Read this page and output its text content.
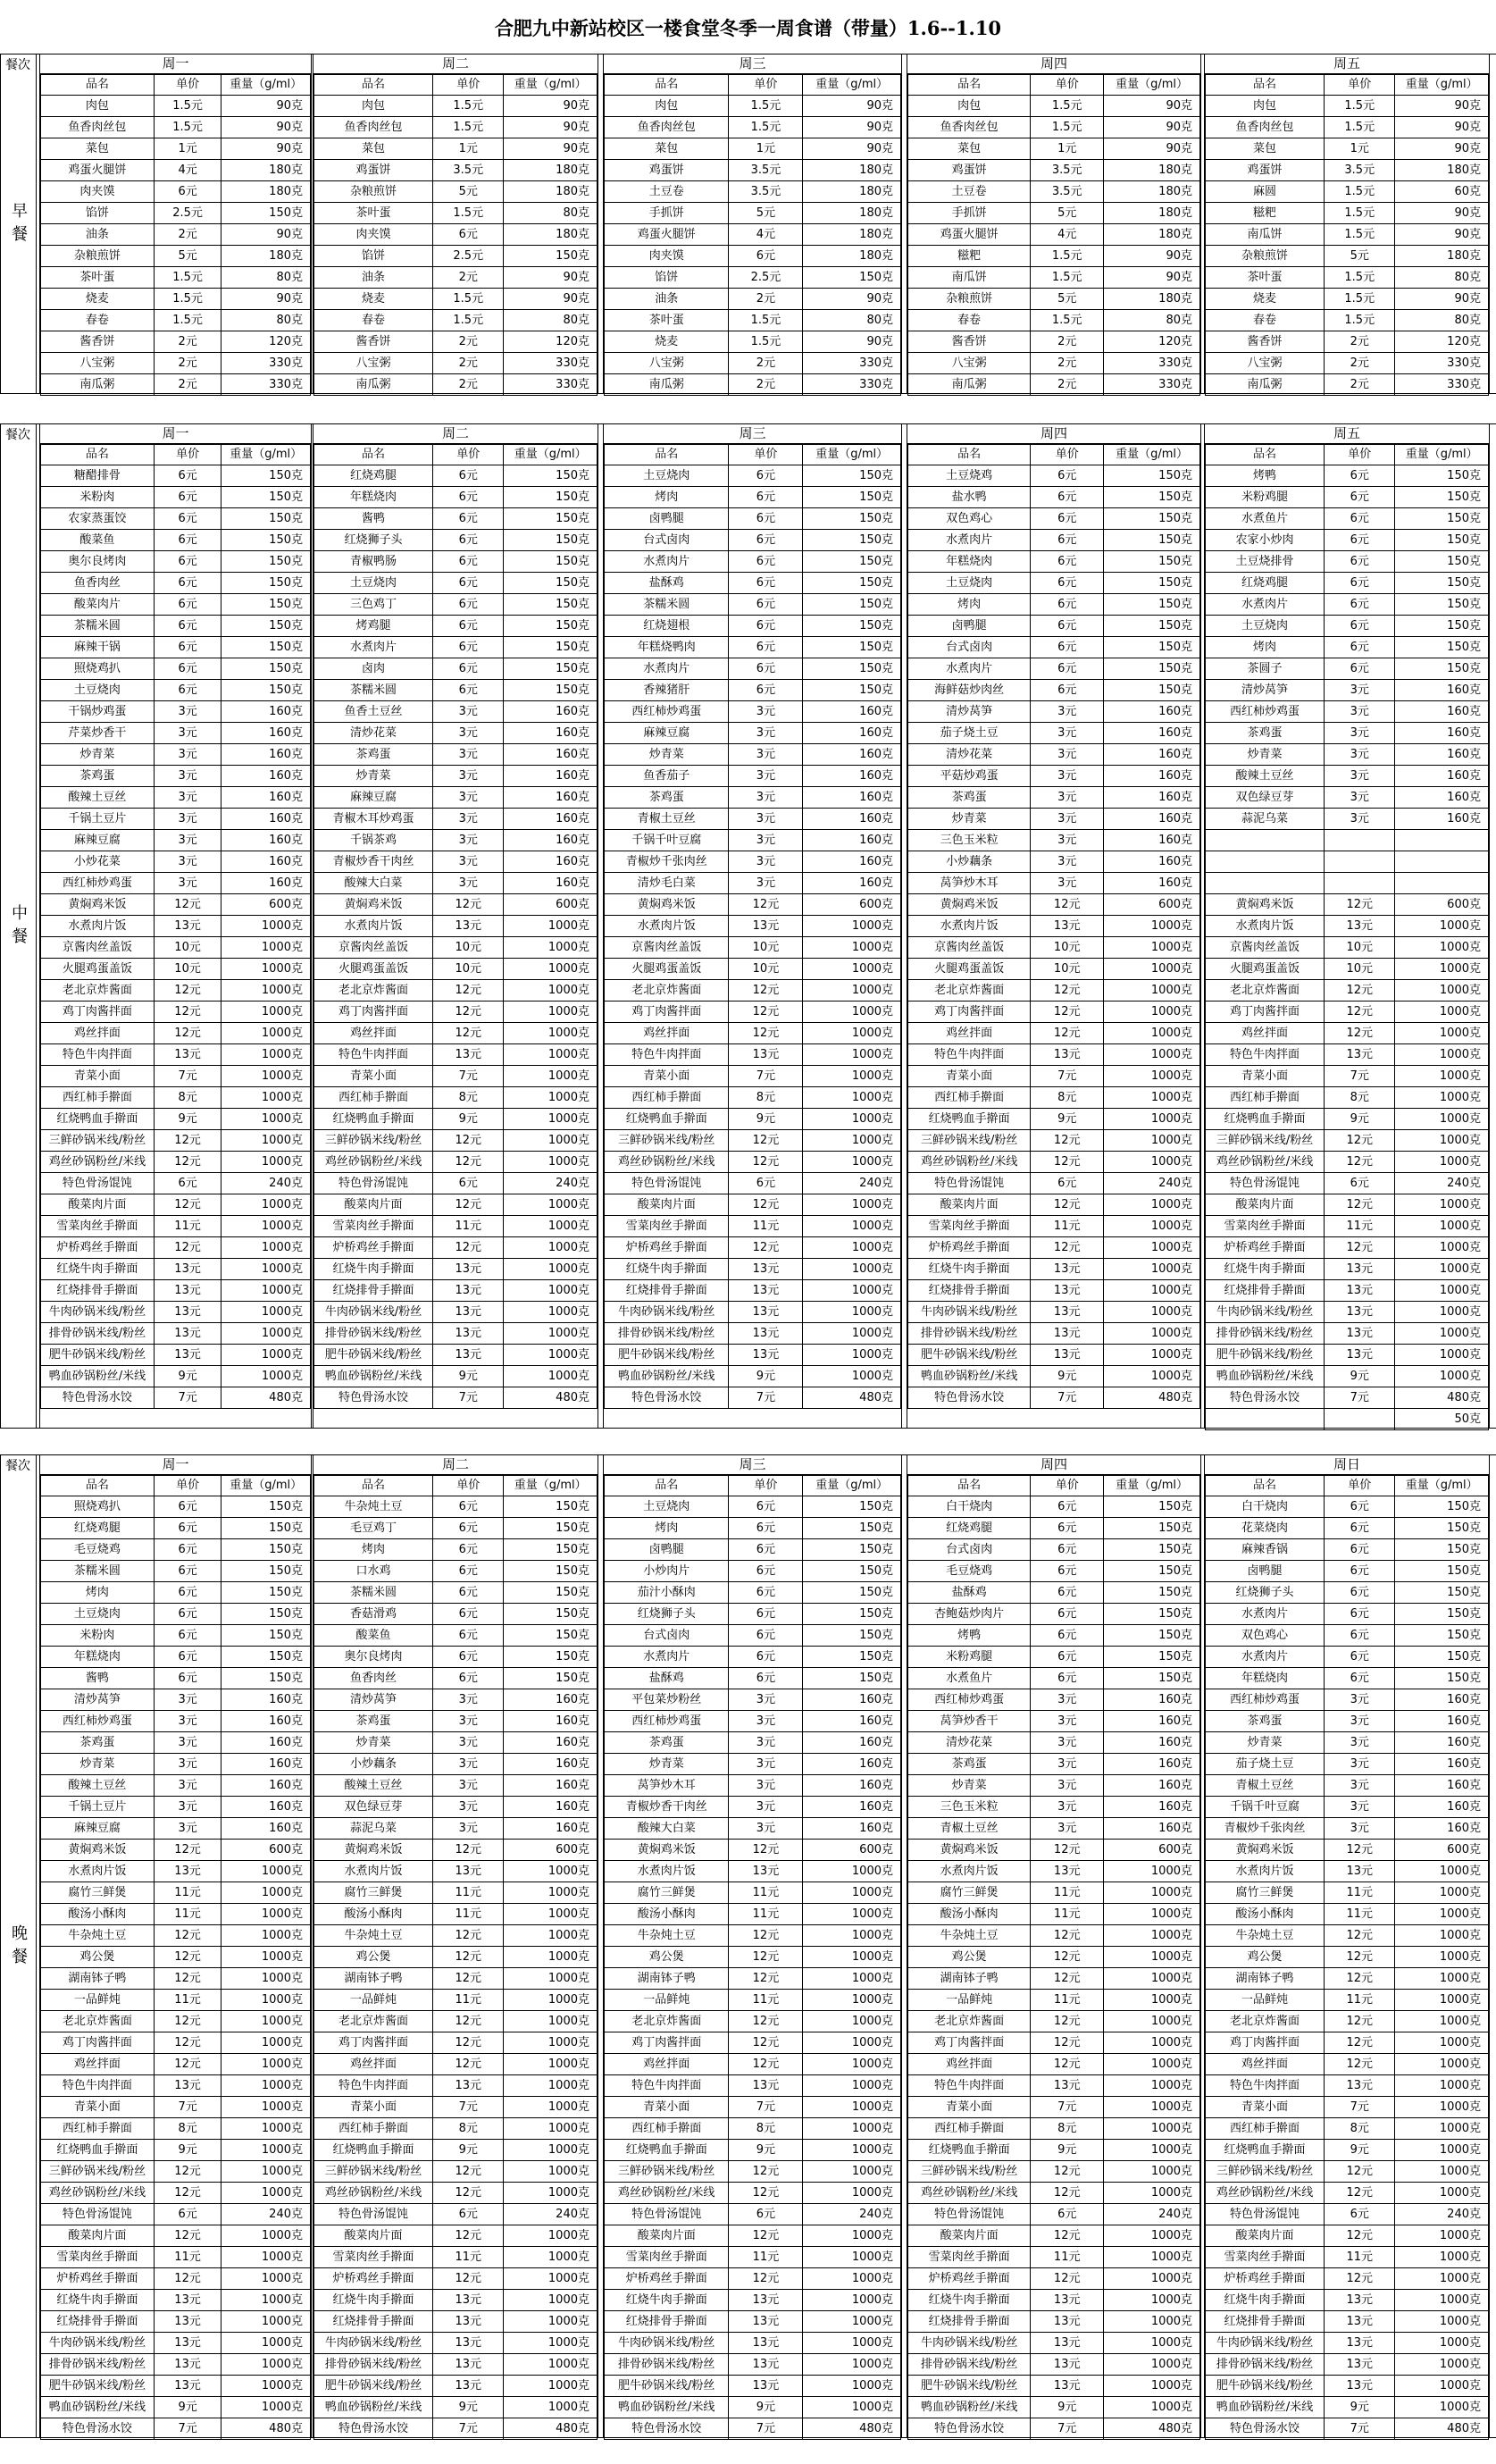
合肥九中新站校区一楼食堂冬季一周食谱（带量）1.6--1.10
餐次
早餐
周一
品名	单价	重量（g/ml）
肉包	1.5元	90克
鱼香肉丝包	1.5元	90克
菜包	1元	90克
鸡蛋火腿饼	4元	180克
肉夹馍	6元	180克
馅饼	2.5元	150克
油条	2元	90克
杂粮煎饼	5元	180克
茶叶蛋	1.5元	80克
烧麦	1.5元	90克
春卷	1.5元	80克
酱香饼	2元	120克
八宝粥	2元	330克
南瓜粥	2元	330克
周二
品名	单价	重量（g/ml）
肉包	1.5元	90克
鱼香肉丝包	1.5元	90克
菜包	1元	90克
鸡蛋饼	3.5元	180克
杂粮煎饼	5元	180克
茶叶蛋	1.5元	80克
肉夹馍	6元	180克
馅饼	2.5元	150克
油条	2元	90克
烧麦	1.5元	90克
春卷	1.5元	80克
酱香饼	2元	120克
八宝粥	2元	330克
南瓜粥	2元	330克
周三
品名	单价	重量（g/ml）
肉包	1.5元	90克
鱼香肉丝包	1.5元	90克
菜包	1元	90克
鸡蛋饼	3.5元	180克
土豆卷	3.5元	180克
手抓饼	5元	180克
鸡蛋火腿饼	4元	180克
肉夹馍	6元	180克
馅饼	2.5元	150克
油条	2元	90克
茶叶蛋	1.5元	80克
烧麦	1.5元	90克
八宝粥	2元	330克
南瓜粥	2元	330克
周四
品名	单价	重量（g/ml）
肉包	1.5元	90克
鱼香肉丝包	1.5元	90克
菜包	1元	90克
鸡蛋饼	3.5元	180克
土豆卷	3.5元	180克
手抓饼	5元	180克
鸡蛋火腿饼	4元	180克
糍粑	1.5元	90克
南瓜饼	1.5元	90克
杂粮煎饼	5元	180克
春卷	1.5元	80克
酱香饼	2元	120克
八宝粥	2元	330克
南瓜粥	2元	330克
周五
品名	单价	重量（g/ml）
肉包	1.5元	90克
鱼香肉丝包	1.5元	90克
菜包	1元	90克
鸡蛋饼	3.5元	180克
麻圆	1.5元	60克
糍粑	1.5元	90克
南瓜饼	1.5元	90克
杂粮煎饼	5元	180克
茶叶蛋	1.5元	80克
烧麦	1.5元	90克
春卷	1.5元	80克
酱香饼	2元	120克
八宝粥	2元	330克
南瓜粥	2元	330克
餐次
中餐
周一
品名	单价	重量（g/ml）
糖醋排骨	6元	150克
米粉肉	6元	150克
农家蒸蛋饺	6元	150克
酸菜鱼	6元	150克
奥尔良烤肉	6元	150克
鱼香肉丝	6元	150克
酸菜肉片	6元	150克
茶糯米圆	6元	150克
麻辣干锅	6元	150克
照烧鸡扒	6元	150克
土豆烧肉	6元	150克
干锅炒鸡蛋	3元	160克
芹菜炒香干	3元	160克
炒青菜	3元	160克
茶鸡蛋	3元	160克
酸辣土豆丝	3元	160克
千锅土豆片	3元	160克
麻辣豆腐	3元	160克
小炒花菜	3元	160克
西红柿炒鸡蛋	3元	160克
黄焖鸡米饭	12元	600克
水煮肉片饭	13元	1000克
京酱肉丝盖饭	10元	1000克
火腿鸡蛋盖饭	10元	1000克
老北京炸酱面	12元	1000克
鸡丁肉酱拌面	12元	1000克
鸡丝拌面	12元	1000克
特色牛肉拌面	13元	1000克
青菜小面	7元	1000克
西红柿手擀面	8元	1000克
红烧鸭血手擀面	9元	1000克
三鲜砂锅米线/粉丝	12元	1000克
鸡丝砂锅粉丝/米线	12元	1000克
特色骨汤馄饨	6元	240克
酸菜肉片面	12元	1000克
雪菜肉丝手擀面	11元	1000克
炉桥鸡丝手擀面	12元	1000克
红烧牛肉手擀面	13元	1000克
红烧排骨手擀面	13元	1000克
牛肉砂锅米线/粉丝	13元	1000克
排骨砂锅米线/粉丝	13元	1000克
肥牛砂锅米线/粉丝	13元	1000克
鸭血砂锅粉丝/米线	9元	1000克
特色骨汤水饺	7元	480克
周二
品名	单价	重量（g/ml）
红烧鸡腿	6元	150克
年糕烧肉	6元	150克
酱鸭	6元	150克
红烧狮子头	6元	150克
青椒鸭肠	6元	150克
土豆烧肉	6元	150克
三色鸡丁	6元	150克
烤鸡腿	6元	150克
水煮肉片	6元	150克
卤肉	6元	150克
茶糯米圆	6元	150克
鱼香土豆丝	3元	160克
清炒花菜	3元	160克
茶鸡蛋	3元	160克
炒青菜	3元	160克
麻辣豆腐	3元	160克
青椒木耳炒鸡蛋	3元	160克
千锅茶鸡	3元	160克
青椒炒香干肉丝	3元	160克
酸辣大白菜	3元	160克
黄焖鸡米饭	12元	600克
水煮肉片饭	13元	1000克
京酱肉丝盖饭	10元	1000克
火腿鸡蛋盖饭	10元	1000克
老北京炸酱面	12元	1000克
鸡丁肉酱拌面	12元	1000克
鸡丝拌面	12元	1000克
特色牛肉拌面	13元	1000克
青菜小面	7元	1000克
西红柿手擀面	8元	1000克
红烧鸭血手擀面	9元	1000克
三鲜砂锅米线/粉丝	12元	1000克
鸡丝砂锅粉丝/米线	12元	1000克
特色骨汤馄饨	6元	240克
酸菜肉片面	12元	1000克
雪菜肉丝手擀面	11元	1000克
炉桥鸡丝手擀面	12元	1000克
红烧牛肉手擀面	13元	1000克
红烧排骨手擀面	13元	1000克
牛肉砂锅米线/粉丝	13元	1000克
排骨砂锅米线/粉丝	13元	1000克
肥牛砂锅米线/粉丝	13元	1000克
鸭血砂锅粉丝/米线	9元	1000克
特色骨汤水饺	7元	480克
周三
品名	单价	重量（g/ml）
土豆烧肉	6元	150克
烤肉	6元	150克
卤鸭腿	6元	150克
台式卤肉	6元	150克
水煮肉片	6元	150克
盐酥鸡	6元	150克
茶糯米圆	6元	150克
红烧翅根	6元	150克
年糕烧鸭肉	6元	150克
水煮肉片	6元	150克
香辣猪肝	6元	150克
西红柿炒鸡蛋	3元	160克
麻辣豆腐	3元	160克
炒青菜	3元	160克
鱼香茄子	3元	160克
茶鸡蛋	3元	160克
青椒土豆丝	3元	160克
千锅千叶豆腐	3元	160克
青椒炒千张肉丝	3元	160克
清炒毛白菜	3元	160克
黄焖鸡米饭	12元	600克
水煮肉片饭	13元	1000克
京酱肉丝盖饭	10元	1000克
火腿鸡蛋盖饭	10元	1000克
老北京炸酱面	12元	1000克
鸡丁肉酱拌面	12元	1000克
鸡丝拌面	12元	1000克
特色牛肉拌面	13元	1000克
青菜小面	7元	1000克
西红柿手擀面	8元	1000克
红烧鸭血手擀面	9元	1000克
三鲜砂锅米线/粉丝	12元	1000克
鸡丝砂锅粉丝/米线	12元	1000克
特色骨汤馄饨	6元	240克
酸菜肉片面	12元	1000克
雪菜肉丝手擀面	11元	1000克
炉桥鸡丝手擀面	12元	1000克
红烧牛肉手擀面	13元	1000克
红烧排骨手擀面	13元	1000克
牛肉砂锅米线/粉丝	13元	1000克
排骨砂锅米线/粉丝	13元	1000克
肥牛砂锅米线/粉丝	13元	1000克
鸭血砂锅粉丝/米线	9元	1000克
特色骨汤水饺	7元	480克
周四
品名	单价	重量（g/ml）
土豆烧鸡	6元	150克
盐水鸭	6元	150克
双色鸡心	6元	150克
水煮肉片	6元	150克
年糕烧肉	6元	150克
土豆烧肉	6元	150克
烤肉	6元	150克
卤鸭腿	6元	150克
台式卤肉	6元	150克
水煮肉片	6元	150克
海鲜菇炒肉丝	6元	150克
清炒莴笋	3元	160克
茄子烧土豆	3元	160克
清炒花菜	3元	160克
平菇炒鸡蛋	3元	160克
茶鸡蛋	3元	160克
炒青菜	3元	160克
三色玉米粒	3元	160克
小炒藕条	3元	160克
莴笋炒木耳	3元	160克
黄焖鸡米饭	12元	600克
水煮肉片饭	13元	1000克
京酱肉丝盖饭	10元	1000克
火腿鸡蛋盖饭	10元	1000克
老北京炸酱面	12元	1000克
鸡丁肉酱拌面	12元	1000克
鸡丝拌面	12元	1000克
特色牛肉拌面	13元	1000克
青菜小面	7元	1000克
西红柿手擀面	8元	1000克
红烧鸭血手擀面	9元	1000克
三鲜砂锅米线/粉丝	12元	1000克
鸡丝砂锅粉丝/米线	12元	1000克
特色骨汤馄饨	6元	240克
酸菜肉片面	12元	1000克
雪菜肉丝手擀面	11元	1000克
炉桥鸡丝手擀面	12元	1000克
红烧牛肉手擀面	13元	1000克
红烧排骨手擀面	13元	1000克
牛肉砂锅米线/粉丝	13元	1000克
排骨砂锅米线/粉丝	13元	1000克
肥牛砂锅米线/粉丝	13元	1000克
鸭血砂锅粉丝/米线	9元	1000克
特色骨汤水饺	7元	480克
周五
品名	单价	重量（g/ml）
烤鸭	6元	150克
米粉鸡腿	6元	150克
水煮鱼片	6元	150克
农家小炒肉	6元	150克
土豆烧排骨	6元	150克
红烧鸡腿	6元	150克
水煮肉片	6元	150克
土豆烧肉	6元	150克
烤肉	6元	150克
茶圆子	6元	150克
清炒莴笋	3元	160克
西红柿炒鸡蛋	3元	160克
茶鸡蛋	3元	160克
炒青菜	3元	160克
酸辣土豆丝	3元	160克
双色绿豆芽	3元	160克
蒜泥乌菜	3元	160克

黄焖鸡米饭	12元	600克
水煮肉片饭	13元	1000克
京酱肉丝盖饭	10元	1000克
火腿鸡蛋盖饭	10元	1000克
老北京炸酱面	12元	1000克
鸡丁肉酱拌面	12元	1000克
鸡丝拌面	12元	1000克
特色牛肉拌面	13元	1000克
青菜小面	7元	1000克
西红柿手擀面	8元	1000克
红烧鸭血手擀面	9元	1000克
三鲜砂锅米线/粉丝	12元	1000克
鸡丝砂锅粉丝/米线	12元	1000克
特色骨汤馄饨	6元	240克
酸菜肉片面	12元	1000克
雪菜肉丝手擀面	11元	1000克
炉桥鸡丝手擀面	12元	1000克
红烧牛肉手擀面	13元	1000克
红烧排骨手擀面	13元	1000克
牛肉砂锅米线/粉丝	13元	1000克
排骨砂锅米线/粉丝	13元	1000克
肥牛砂锅米线/粉丝	13元	1000克
鸭血砂锅粉丝/米线	9元	1000克
特色骨汤水饺	7元	480克
		50克
餐次
晚餐
周一
品名	单价	重量（g/ml）
照烧鸡扒	6元	150克
红烧鸡腿	6元	150克
毛豆烧鸡	6元	150克
茶糯米圆	6元	150克
烤肉	6元	150克
土豆烧肉	6元	150克
米粉肉	6元	150克
年糕烧肉	6元	150克
酱鸭	6元	150克
清炒莴笋	3元	160克
西红柿炒鸡蛋	3元	160克
茶鸡蛋	3元	160克
炒青菜	3元	160克
酸辣土豆丝	3元	160克
千锅土豆片	3元	160克
麻辣豆腐	3元	160克
黄焖鸡米饭	12元	600克
水煮肉片饭	13元	1000克
腐竹三鲜煲	11元	1000克
酸汤小酥肉	11元	1000克
牛杂炖土豆	12元	1000克
鸡公煲	12元	1000克
湖南钵子鸭	12元	1000克
一品鲜炖	11元	1000克
老北京炸酱面	12元	1000克
鸡丁肉酱拌面	12元	1000克
鸡丝拌面	12元	1000克
特色牛肉拌面	13元	1000克
青菜小面	7元	1000克
西红柿手擀面	8元	1000克
红烧鸭血手擀面	9元	1000克
三鲜砂锅米线/粉丝	12元	1000克
鸡丝砂锅粉丝/米线	12元	1000克
特色骨汤馄饨	6元	240克
酸菜肉片面	12元	1000克
雪菜肉丝手擀面	11元	1000克
炉桥鸡丝手擀面	12元	1000克
红烧牛肉手擀面	13元	1000克
红烧排骨手擀面	13元	1000克
牛肉砂锅米线/粉丝	13元	1000克
排骨砂锅米线/粉丝	13元	1000克
肥牛砂锅米线/粉丝	13元	1000克
鸭血砂锅粉丝/米线	9元	1000克
特色骨汤水饺	7元	480克
周二
品名	单价	重量（g/ml）
牛杂炖土豆	6元	150克
毛豆鸡丁	6元	150克
烤肉	6元	150克
口水鸡	6元	150克
茶糯米圆	6元	150克
香菇滑鸡	6元	150克
酸菜鱼	6元	150克
奥尔良烤肉	6元	150克
鱼香肉丝	6元	150克
清炒莴笋	3元	160克
茶鸡蛋	3元	160克
炒青菜	3元	160克
小炒藕条	3元	160克
酸辣土豆丝	3元	160克
双色绿豆芽	3元	160克
蒜泥乌菜	3元	160克
黄焖鸡米饭	12元	600克
水煮肉片饭	13元	1000克
腐竹三鲜煲	11元	1000克
酸汤小酥肉	11元	1000克
牛杂炖土豆	12元	1000克
鸡公煲	12元	1000克
湖南钵子鸭	12元	1000克
一品鲜炖	11元	1000克
老北京炸酱面	12元	1000克
鸡丁肉酱拌面	12元	1000克
鸡丝拌面	12元	1000克
特色牛肉拌面	13元	1000克
青菜小面	7元	1000克
西红柿手擀面	8元	1000克
红烧鸭血手擀面	9元	1000克
三鲜砂锅米线/粉丝	12元	1000克
鸡丝砂锅粉丝/米线	12元	1000克
特色骨汤馄饨	6元	240克
酸菜肉片面	12元	1000克
雪菜肉丝手擀面	11元	1000克
炉桥鸡丝手擀面	12元	1000克
红烧牛肉手擀面	13元	1000克
红烧排骨手擀面	13元	1000克
牛肉砂锅米线/粉丝	13元	1000克
排骨砂锅米线/粉丝	13元	1000克
肥牛砂锅米线/粉丝	13元	1000克
鸭血砂锅粉丝/米线	9元	1000克
特色骨汤水饺	7元	480克
周三
品名	单价	重量（g/ml）
土豆烧肉	6元	150克
烤肉	6元	150克
卤鸭腿	6元	150克
小炒肉片	6元	150克
茄汁小酥肉	6元	150克
红烧狮子头	6元	150克
台式卤肉	6元	150克
水煮肉片	6元	150克
盐酥鸡	6元	150克
平包菜炒粉丝	3元	160克
西红柿炒鸡蛋	3元	160克
茶鸡蛋	3元	160克
炒青菜	3元	160克
莴笋炒木耳	3元	160克
青椒炒香干肉丝	3元	160克
酸辣大白菜	3元	160克
黄焖鸡米饭	12元	600克
水煮肉片饭	13元	1000克
腐竹三鲜煲	11元	1000克
酸汤小酥肉	11元	1000克
牛杂炖土豆	12元	1000克
鸡公煲	12元	1000克
湖南钵子鸭	12元	1000克
一品鲜炖	11元	1000克
老北京炸酱面	12元	1000克
鸡丁肉酱拌面	12元	1000克
鸡丝拌面	12元	1000克
特色牛肉拌面	13元	1000克
青菜小面	7元	1000克
西红柿手擀面	8元	1000克
红烧鸭血手擀面	9元	1000克
三鲜砂锅米线/粉丝	12元	1000克
鸡丝砂锅粉丝/米线	12元	1000克
特色骨汤馄饨	6元	240克
酸菜肉片面	12元	1000克
雪菜肉丝手擀面	11元	1000克
炉桥鸡丝手擀面	12元	1000克
红烧牛肉手擀面	13元	1000克
红烧排骨手擀面	13元	1000克
牛肉砂锅米线/粉丝	13元	1000克
排骨砂锅米线/粉丝	13元	1000克
肥牛砂锅米线/粉丝	13元	1000克
鸭血砂锅粉丝/米线	9元	1000克
特色骨汤水饺	7元	480克
周四
品名	单价	重量（g/ml）
白干烧肉	6元	150克
红烧鸡腿	6元	150克
台式卤肉	6元	150克
毛豆烧鸡	6元	150克
盐酥鸡	6元	150克
杏鲍菇炒肉片	6元	150克
烤鸭	6元	150克
米粉鸡腿	6元	150克
水煮鱼片	6元	150克
西红柿炒鸡蛋	3元	160克
莴笋炒香干	3元	160克
清炒花菜	3元	160克
茶鸡蛋	3元	160克
炒青菜	3元	160克
三色玉米粒	3元	160克
青椒土豆丝	3元	160克
黄焖鸡米饭	12元	600克
水煮肉片饭	13元	1000克
腐竹三鲜煲	11元	1000克
酸汤小酥肉	11元	1000克
牛杂炖土豆	12元	1000克
鸡公煲	12元	1000克
湖南钵子鸭	12元	1000克
一品鲜炖	11元	1000克
老北京炸酱面	12元	1000克
鸡丁肉酱拌面	12元	1000克
鸡丝拌面	12元	1000克
特色牛肉拌面	13元	1000克
青菜小面	7元	1000克
西红柿手擀面	8元	1000克
红烧鸭血手擀面	9元	1000克
三鲜砂锅米线/粉丝	12元	1000克
鸡丝砂锅粉丝/米线	12元	1000克
特色骨汤馄饨	6元	240克
酸菜肉片面	12元	1000克
雪菜肉丝手擀面	11元	1000克
炉桥鸡丝手擀面	12元	1000克
红烧牛肉手擀面	13元	1000克
红烧排骨手擀面	13元	1000克
牛肉砂锅米线/粉丝	13元	1000克
排骨砂锅米线/粉丝	13元	1000克
肥牛砂锅米线/粉丝	13元	1000克
鸭血砂锅粉丝/米线	9元	1000克
特色骨汤水饺	7元	480克
周日
品名	单价	重量（g/ml）
白干烧肉	6元	150克
花菜烧肉	6元	150克
麻辣香锅	6元	150克
卤鸭腿	6元	150克
红烧狮子头	6元	150克
水煮肉片	6元	150克
双色鸡心	6元	150克
水煮肉片	6元	150克
年糕烧肉	6元	150克
西红柿炒鸡蛋	3元	160克
茶鸡蛋	3元	160克
炒青菜	3元	160克
茄子烧土豆	3元	160克
青椒土豆丝	3元	160克
千锅千叶豆腐	3元	160克
青椒炒千张肉丝	3元	160克
黄焖鸡米饭	12元	600克
水煮肉片饭	13元	1000克
腐竹三鲜煲	11元	1000克
酸汤小酥肉	11元	1000克
牛杂炖土豆	12元	1000克
鸡公煲	12元	1000克
湖南钵子鸭	12元	1000克
一品鲜炖	11元	1000克
老北京炸酱面	12元	1000克
鸡丁肉酱拌面	12元	1000克
鸡丝拌面	12元	1000克
特色牛肉拌面	13元	1000克
青菜小面	7元	1000克
西红柿手擀面	8元	1000克
红烧鸭血手擀面	9元	1000克
三鲜砂锅米线/粉丝	12元	1000克
鸡丝砂锅粉丝/米线	12元	1000克
特色骨汤馄饨	6元	240克
酸菜肉片面	12元	1000克
雪菜肉丝手擀面	11元	1000克
炉桥鸡丝手擀面	12元	1000克
红烧牛肉手擀面	13元	1000克
红烧排骨手擀面	13元	1000克
牛肉砂锅米线/粉丝	13元	1000克
排骨砂锅米线/粉丝	13元	1000克
肥牛砂锅米线/粉丝	13元	1000克
鸭血砂锅粉丝/米线	9元	1000克
特色骨汤水饺	7元	480克
